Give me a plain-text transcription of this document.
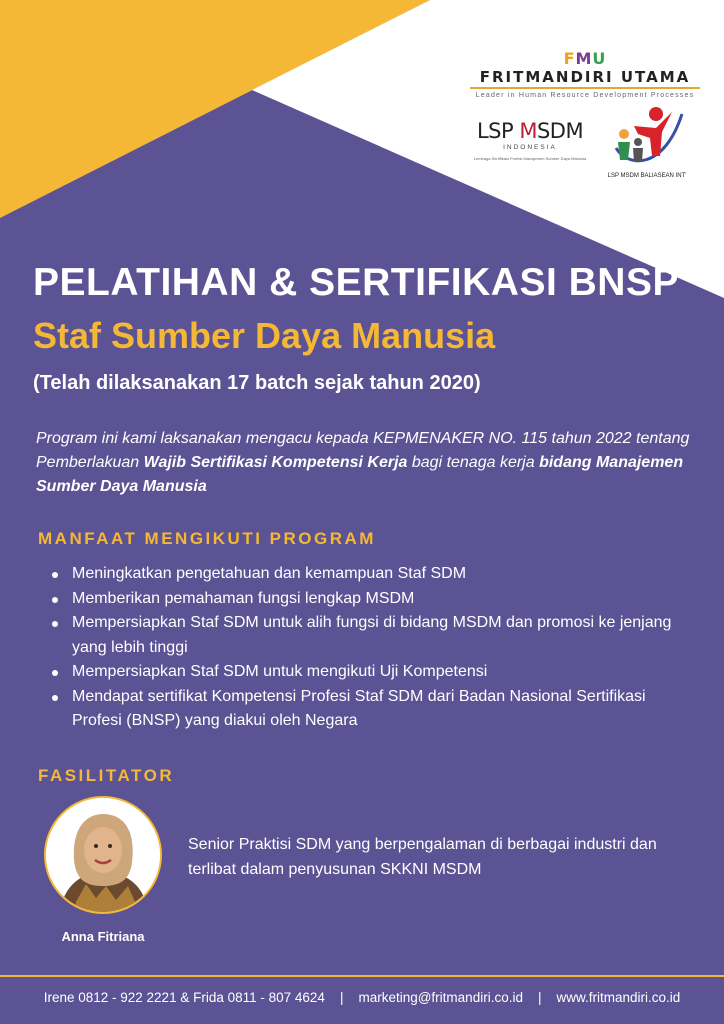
FMU
FRITMANDIRI UTAMA
Leader in Human Resource Development Processes
LSP MSDM
INDONESIA
Lembaga Sertifikasi Profesi Manajemen Sumber Daya Manusia
LSP MSDM BALIASEAN INT'
PELATIHAN & SERTIFIKASI BNSP
Staf Sumber Daya Manusia

(Telah dilaksanakan 17 batch sejak tahun 2020)

Program ini kami laksanakan mengacu kepada KEPMENAKER NO. 115 tahun 2022 tentang Pemberlakuan Wajib Sertifikasi Kompetensi Kerja bagi tenaga kerja bidang Manajemen Sumber Daya Manusia

MANFAAT MENGIKUTI PROGRAM
Meningkatkan pengetahuan dan kemampuan Staf SDM
Memberikan pemahaman fungsi lengkap MSDM
Mempersiapkan Staf SDM untuk alih fungsi di bidang MSDM dan promosi ke jenjang yang lebih tinggi
Mempersiapkan Staf SDM untuk mengikuti Uji Kompetensi
Mendapat sertifikat Kompetensi Profesi Staf SDM dari Badan Nasional Sertifikasi Profesi (BNSP) yang diakui oleh Negara
FASILITATOR

Anna Fitriana

Senior Praktisi SDM yang berpengalaman di berbagai industri dan terlibat dalam penyusunan SKKNI MSDM

Irene 0812 - 922 2221 & Frida 0811 - 807 4624 | marketing@fritmandiri.co.id | www.fritmandiri.co.id
